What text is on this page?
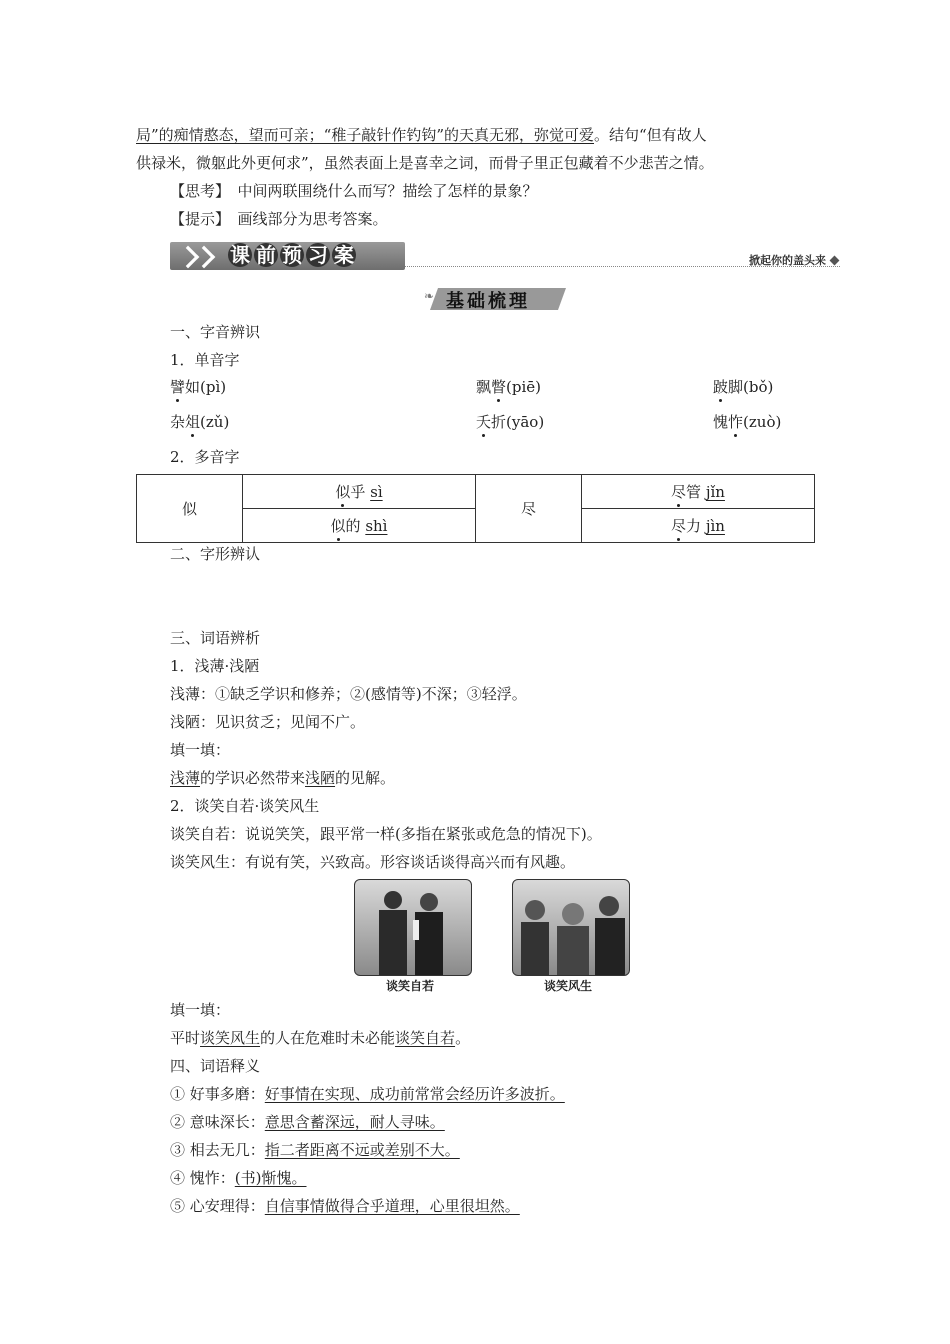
局”的痴情憨态，望而可亲；“稚子敲针作钓钩”的天真无邪，弥觉可爱。结句“但有故人
供禄米，微躯此外更何求”，虽然表面上是喜幸之词，而骨子里正包藏着不少悲苦之情。
【思考】　中间两联围绕什么而写？描绘了怎样的景象？
【提示】　画线部分为思考答案。
课 前 预 习 案	掀起你的盖头来
❧ 基础梳理
一、字音辨识
1．单音字
譬如(pì)	飘瞥(piē)	跛脚(bǒ)
杂俎(zǔ)	夭折(yāo)	愧怍(zuò)
2．多音字
似	似乎 sì	尽	尽管 jǐn
	似的 shì		尽力 jìn
二、字形辨认
三、词语辨析
1．浅薄·浅陋
浅薄：①缺乏学识和修养；②(感情等)不深；③轻浮。
浅陋：见识贫乏；见闻不广。
填一填：
浅薄的学识必然带来浅陋的见解。
2．谈笑自若·谈笑风生
谈笑自若：说说笑笑，跟平常一样(多指在紧张或危急的情况下)。
谈笑风生：有说有笑，兴致高。形容谈话谈得高兴而有风趣。
谈笑自若	谈笑风生
填一填：
平时谈笑风生的人在危难时未必能谈笑自若。
四、词语释义
① 好事多磨：好事情在实现、成功前常常会经历许多波折。
② 意味深长：意思含蓄深远，耐人寻味。
③ 相去无几：指二者距离不远或差别不大。
④ 愧怍：(书)惭愧。
⑤ 心安理得：自信事情做得合乎道理，心里很坦然。
